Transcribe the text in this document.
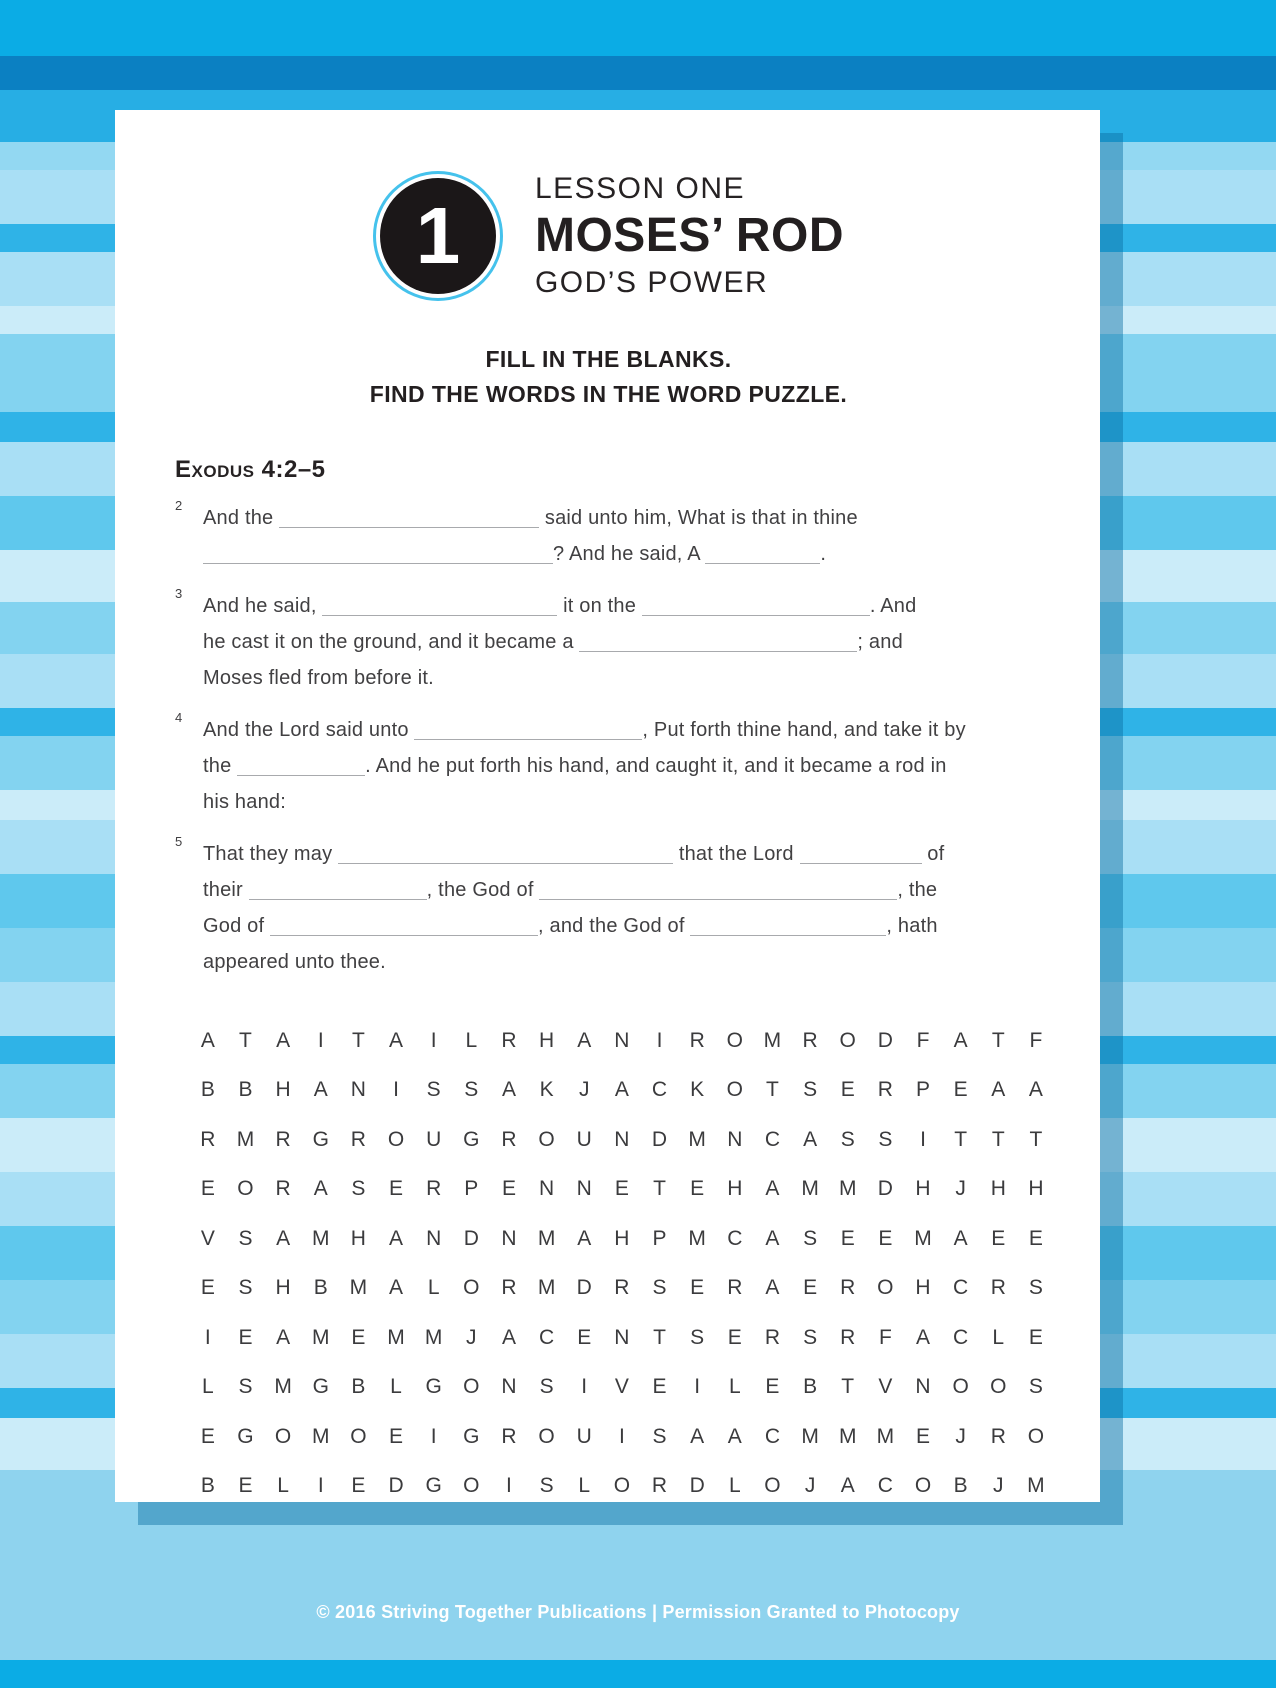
1
LESSON ONE
MOSES’ ROD
GOD’S POWER
FILL IN THE BLANKS.
FIND THE WORDS IN THE WORD PUZZLE.
Exodus 4:2–5
2
And the	said unto him, What is that in thine
? And he said, A	.
3
And he said,	it on the	. And
he cast it on the ground, and it became a	; and
Moses fled from before it.
4
And the Lord said unto	, Put forth thine hand, and take it by
the	. And he put forth his hand, and caught it, and it became a rod in
his hand:
5
That they may	that the Lord	of
their	, the God of	, the
God of	, and the God of	, hath
appeared unto thee.
A	T	A	I	T	A	I	L	R	H	A	N	I	R	O M	R	O	D	F	A	T	F
B	B	H	A	N	I	S	S	A	K	J	A	C	K	O	T	S	E	R	P	E	A	A
R	M	R	G	R	O	U	G	R	O	U	N	D	M	N	C	A	S	S	I	T	T	T
E	O	R	A	S	E	R	P	E	N	N	E	T	E	H	A	M M	D	H	J	H	H
V	S	A	M	H	A	N	D	N	M	A	H	P	M	C	A	S	E	E	M	A	E	E
E	S	H	B	M	A	L	O	R	M	D	R	S	E	R	A	E	R	O	H	C	R	S
I	E	A	M	E	M M	J	A	C	E	N	T	S	E	R	S	R	F	A	C	L	E
L	S	M G	B	L	G	O	N	S	I	V	E	I	L	E	B	T	V	N	O	O	S
E	G	O M O	E	I	G	R	O	U	I	S	A	A	C	M M M	E	J	R	O
B	E	L	I	E	D	G	O	I	S	L	O	R	D	L	O	J	A	C	O	B	J	M
© 2016 Striving Together Publications | Permission Granted to Photocopy
